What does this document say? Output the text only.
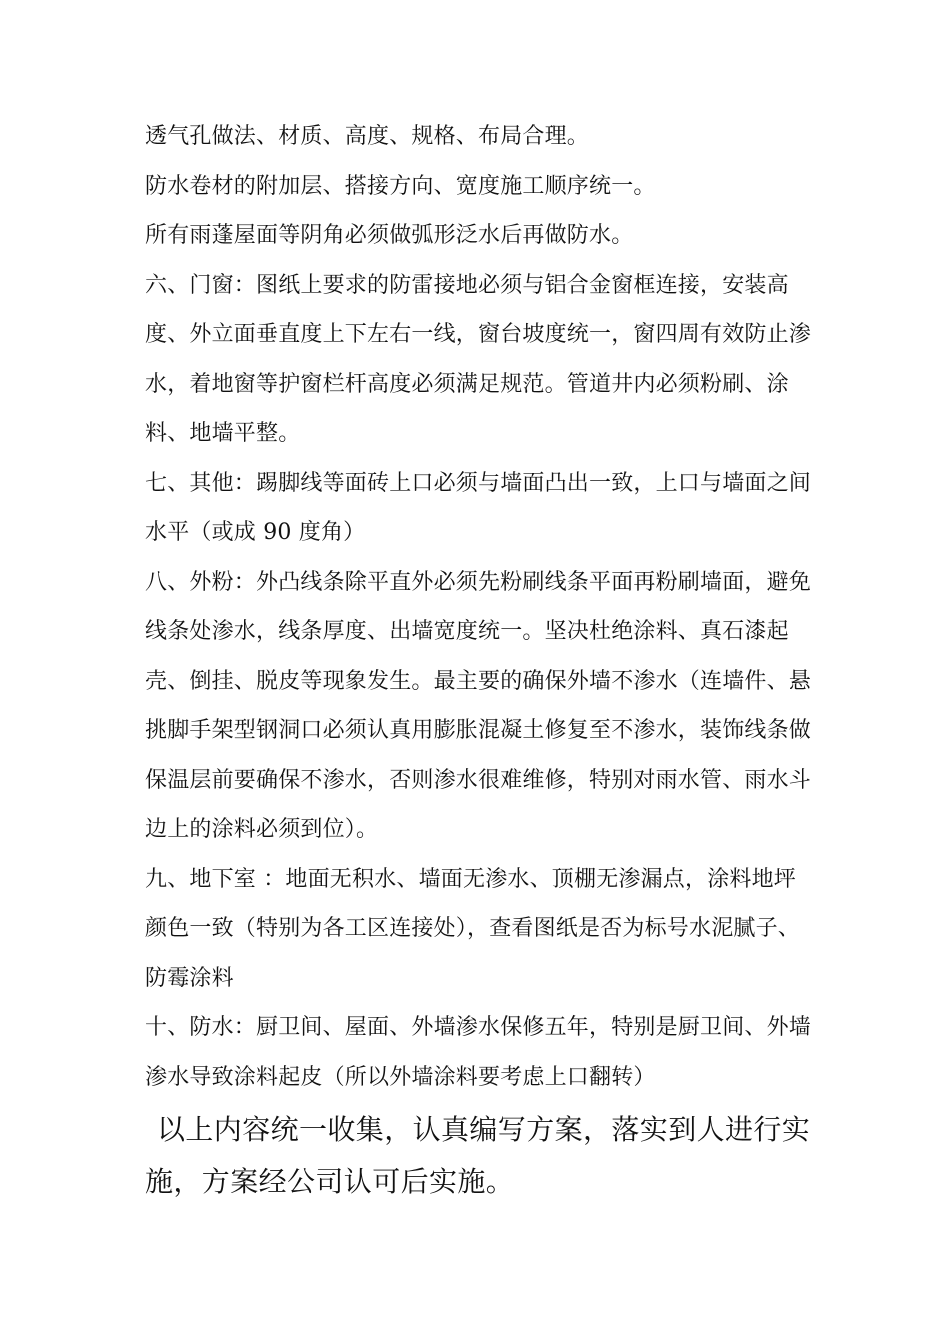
透气孔做法、材质、高度、规格、布局合理。

防水卷材的附加层、搭接方向、宽度施工顺序统一。

所有雨蓬屋面等阴角必须做弧形泛水后再做防水。

六、门窗：图纸上要求的防雷接地必须与铝合金窗框连接，安装高度、外立面垂直度上下左右一线，窗台坡度统一，窗四周有效防止渗水，着地窗等护窗栏杆高度必须满足规范。管道井内必须粉刷、涂料、地墙平整。

七、其他：踢脚线等面砖上口必须与墙面凸出一致，上口与墙面之间水平（或成 90 度角）

八、外粉：外凸线条除平直外必须先粉刷线条平面再粉刷墙面，避免线条处渗水，线条厚度、出墙宽度统一。坚决杜绝涂料、真石漆起壳、倒挂、脱皮等现象发生。最主要的确保外墙不渗水（连墙件、悬挑脚手架型钢洞口必须认真用膨胀混凝土修复至不渗水，装饰线条做保温层前要确保不渗水，否则渗水很难维修，特别对雨水管、雨水斗边上的涂料必须到位）。

九、地下室 ：地面无积水、墙面无渗水、顶棚无渗漏点，涂料地坪颜色一致（特别为各工区连接处），查看图纸是否为标号水泥腻子、防霉涂料

十、防水：厨卫间、屋面、外墙渗水保修五年，特别是厨卫间、外墙渗水导致涂料起皮（所以外墙涂料要考虑上口翻转）

以上内容统一收集，认真编写方案，落实到人进行实施，方案经公司认可后实施。
